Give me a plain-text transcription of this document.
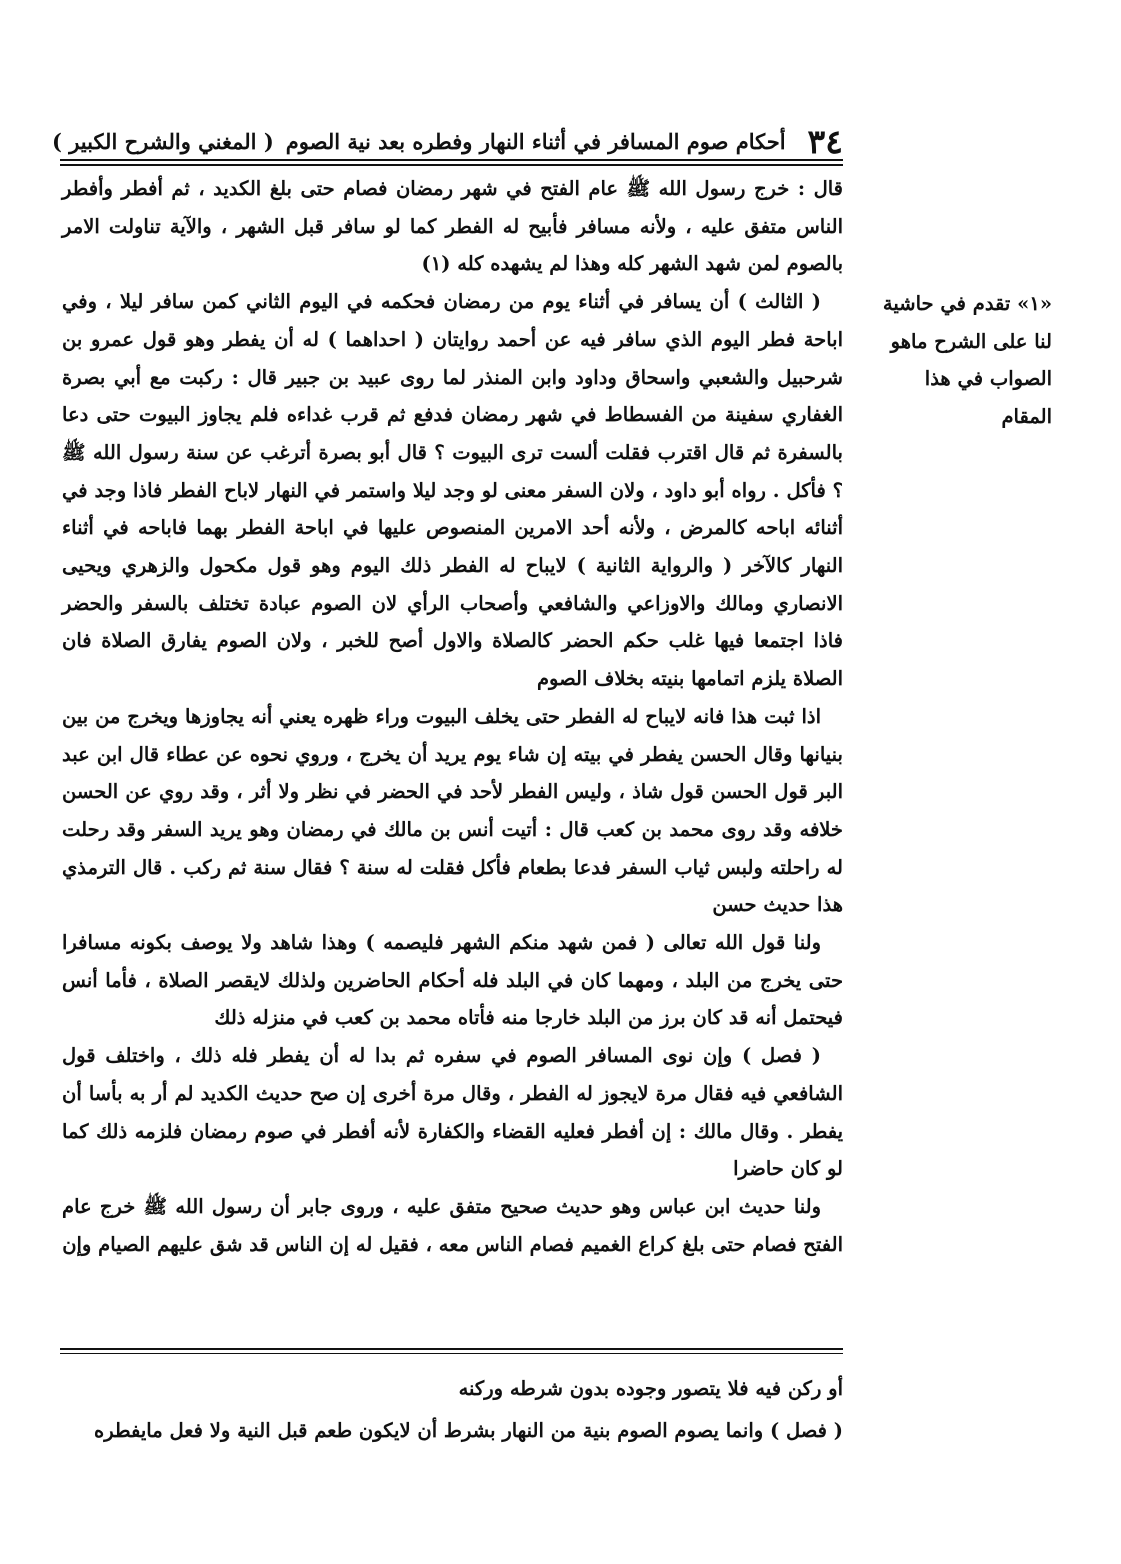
٣٤
أحكام صوم المسافر في أثناء النهار وفطره بعد نية الصوم
( المغني والشرح الكبير )
«١» تقدم في حاشية لنا على الشرح ماهو الصواب في هذا المقام

قال : خرج رسول الله ﷺ عام الفتح في شهر رمضان فصام حتى بلغ الكديد ، ثم أفطر وأفطر الناس متفق عليه ، ولأنه مسافر فأبيح له الفطر كما لو سافر قبل الشهر ، والآية تناولت الامر بالصوم لمن شهد الشهر كله وهذا لم يشهده كله (١)

( الثالث ) أن يسافر في أثناء يوم من رمضان فحكمه في اليوم الثاني كمن سافر ليلا ، وفي اباحة فطر اليوم الذي سافر فيه عن أحمد روايتان ( احداهما ) له أن يفطر وهو قول عمرو بن شرحبيل والشعبي واسحاق وداود وابن المنذر لما روى عبيد بن جبير قال : ركبت مع أبي بصرة الغفاري سفينة من الفسطاط في شهر رمضان فدفع ثم قرب غداءه فلم يجاوز البيوت حتى دعا بالسفرة ثم قال اقترب فقلت ألست ترى البيوت ؟ قال أبو بصرة أترغب عن سنة رسول الله ﷺ ؟ فأكل . رواه أبو داود ، ولان السفر معنى لو وجد ليلا واستمر في النهار لاباح الفطر فاذا وجد في أثنائه اباحه كالمرض ، ولأنه أحد الامرين المنصوص عليها في اباحة الفطر بهما فاباحه في أثناء النهار كالآخر ( والرواية الثانية ) لايباح له الفطر ذلك اليوم وهو قول مكحول والزهري ويحيى الانصاري ومالك والاوزاعي والشافعي وأصحاب الرأي لان الصوم عبادة تختلف بالسفر والحضر فاذا اجتمعا فيها غلب حكم الحضر كالصلاة والاول أصح للخبر ، ولان الصوم يفارق الصلاة فان الصلاة يلزم اتمامها بنيته بخلاف الصوم

اذا ثبت هذا فانه لايباح له الفطر حتى يخلف البيوت وراء ظهره يعني أنه يجاوزها ويخرج من بين بنيانها وقال الحسن يفطر في بيته إن شاء يوم يريد أن يخرج ، وروي نحوه عن عطاء قال ابن عبد البر قول الحسن قول شاذ ، وليس الفطر لأحد في الحضر في نظر ولا أثر ، وقد روي عن الحسن خلافه وقد روى محمد بن كعب قال : أتيت أنس بن مالك في رمضان وهو يريد السفر وقد رحلت له راحلته ولبس ثياب السفر فدعا بطعام فأكل فقلت له سنة ؟ فقال سنة ثم ركب . قال الترمذي هذا حديث حسن

ولنا قول الله تعالى ( فمن شهد منكم الشهر فليصمه ) وهذا شاهد ولا يوصف بكونه مسافرا حتى يخرج من البلد ، ومهما كان في البلد فله أحكام الحاضرين ولذلك لايقصر الصلاة ، فأما أنس فيحتمل أنه قد كان برز من البلد خارجا منه فأتاه محمد بن كعب في منزله ذلك

( فصل ) وإن نوى المسافر الصوم في سفره ثم بدا له أن يفطر فله ذلك ، واختلف قول الشافعي فيه فقال مرة لايجوز له الفطر ، وقال مرة أخرى إن صح حديث الكديد لم أر به بأسا أن يفطر . وقال مالك : إن أفطر فعليه القضاء والكفارة لأنه أفطر في صوم رمضان فلزمه ذلك كما لو كان حاضرا

ولنا حديث ابن عباس وهو حديث صحيح متفق عليه ، وروى جابر أن رسول الله ﷺ خرج عام الفتح فصام حتى بلغ كراع الغميم فصام الناس معه ، فقيل له إن الناس قد شق عليهم الصيام وإن

أو ركن فيه فلا يتصور وجوده بدون شرطه وركنه

( فصل ) وانما يصوم الصوم بنية من النهار بشرط أن لايكون طعم قبل النية ولا فعل مايفطره
